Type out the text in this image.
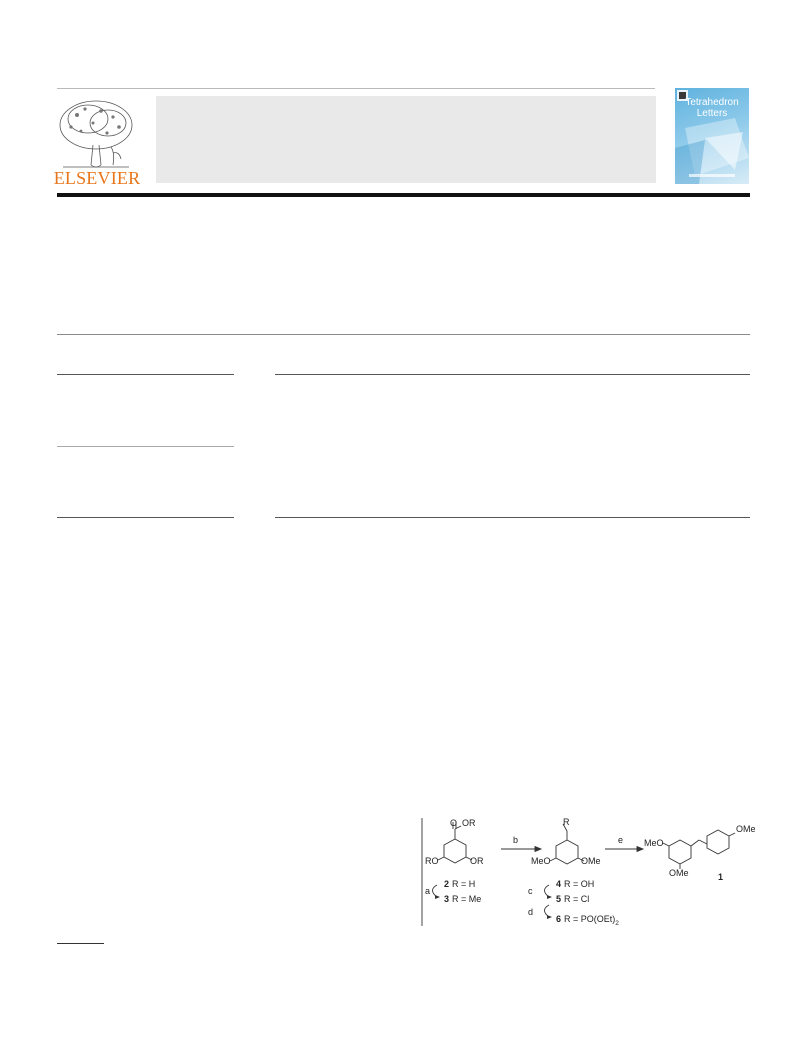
ELSEVIER
Tetrahedron
Letters
O OR
RO	OR
b
R
MeO	OMe
e MeO
OMe
OMe
a	c
d
2 R = H
3 R = Me
4 R = OH
5 R = Cl
6 $R = PO(OEt)_2$
1
